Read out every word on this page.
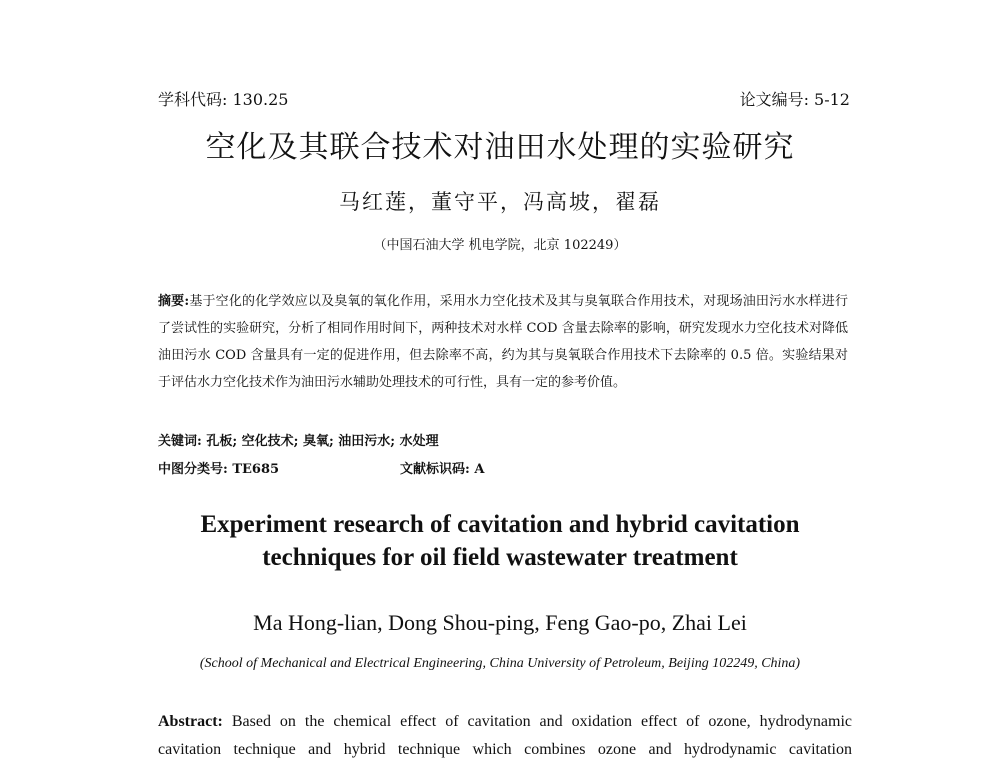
学科代码: 130.25	论文编号: 5-12
空化及其联合技术对油田水处理的实验研究
马红莲，董守平，冯高坡，翟磊
（中国石油大学 机电学院，北京 102249）
摘要:基于空化的化学效应以及臭氧的氧化作用，采用水力空化技术及其与臭氧联合作用技术，对现场油田污水水样进行了尝试性的实验研究，分析了相同作用时间下，两种技术对水样 COD 含量去除率的影响，研究发现水力空化技术对降低油田污水 COD 含量具有一定的促进作用，但去除率不高，约为其与臭氧联合作用技术下去除率的 0.5 倍。实验结果对于评估水力空化技术作为油田污水辅助处理技术的可行性，具有一定的参考价值。
关键词: 孔板; 空化技术; 臭氧; 油田污水; 水处理
中图分类号: TE685	文献标识码: A
Experiment research of cavitation and hybrid cavitation
techniques for oil field wastewater treatment
Ma Hong-lian, Dong Shou-ping, Feng Gao-po, Zhai Lei
(School of Mechanical and Electrical Engineering, China University of Petroleum, Beijing 102249, China)
Abstract: Based on the chemical effect of cavitation and oxidation effect of ozone, hydrodynamic cavitation technique and hybrid technique which combines ozone and hydrodynamic cavitation
